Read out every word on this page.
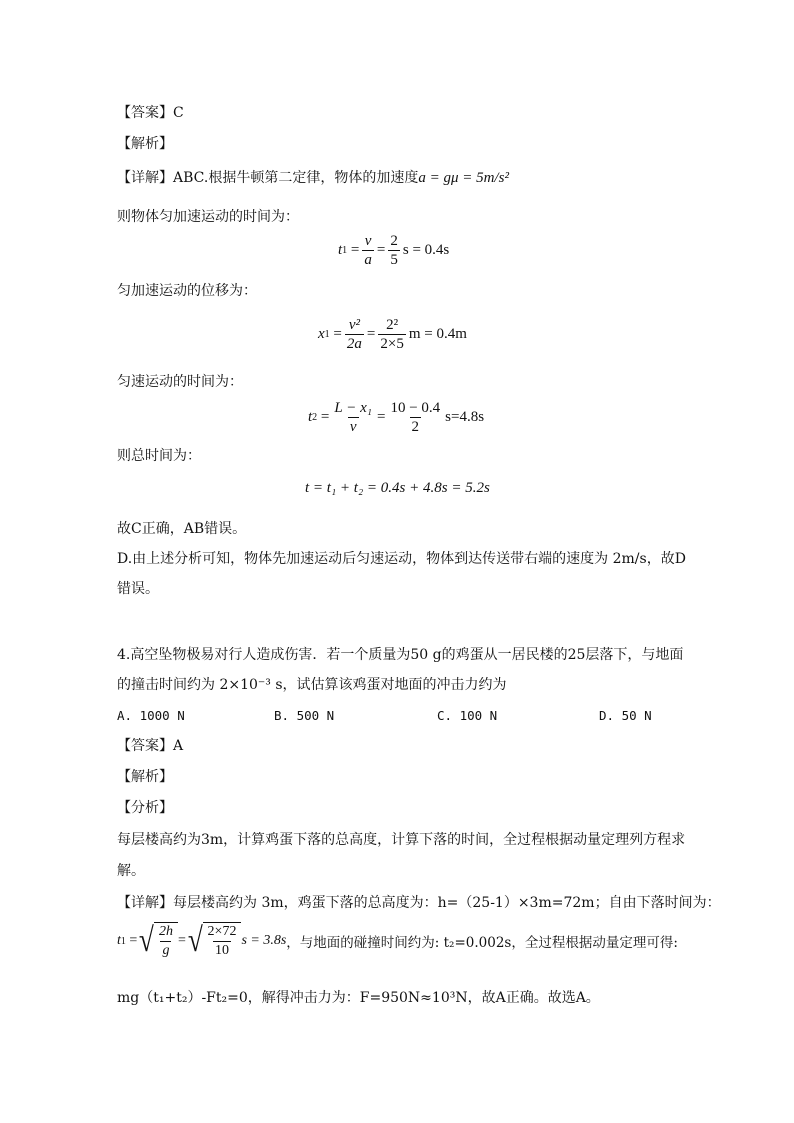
【答案】C
【解析】
【详解】ABC.根据牛顿第二定律，物体的加速度a = gμ = 5m/s²
则物体匀加速运动的时间为：
t $1 = \frac{v}{a} = \frac{2}{5}$ s = 0.4s
匀加速运动的位移为：
x $1 = \frac{\text{v²}}{2a} = \frac{\text{2²}}{2\times 5}$ m = 0.4m
匀速运动的时间为：
t $2 = \frac{\text{L − x₁}}{v} = \frac{10 - 0.4}{2} s=4.8s$
则总时间为：
t = t₁ + t₂ = 0.4s + 4.8s = 5.2s
故C正确，AB错误。
D.由上述分析可知，物体先加速运动后匀速运动，物体到达传送带右端的速度为 2m/s，故D
错误。
4.高空坠物极易对行人造成伤害．若一个质量为50 g的鸡蛋从一居民楼的25层落下，与地面
的撞击时间约为 2×10⁻³ s，试估算该鸡蛋对地面的冲击力约为
A. 1000 N	B. 500 N	C. 100 N	D. 50 N
【答案】A
【解析】
【分析】
每层楼高约为3m，计算鸡蛋下落的总高度，计算下落的时间，全过程根据动量定理列方程求
解。
【详解】每层楼高约为 3m，鸡蛋下落的总高度为：h=（25-1）×3m=72m；自由下落时间为：
t 1 = √ $\frac{2h}{g}$ = √ $\frac{2\times 72}{10}$ s = 3.8s ，与地面的碰撞时间约为: t₂=0.002s，全过程根据动量定理可得:
mg（t₁+t₂）-Ft₂=0，解得冲击力为：F=950N≈10³N，故A正确。故选A。
